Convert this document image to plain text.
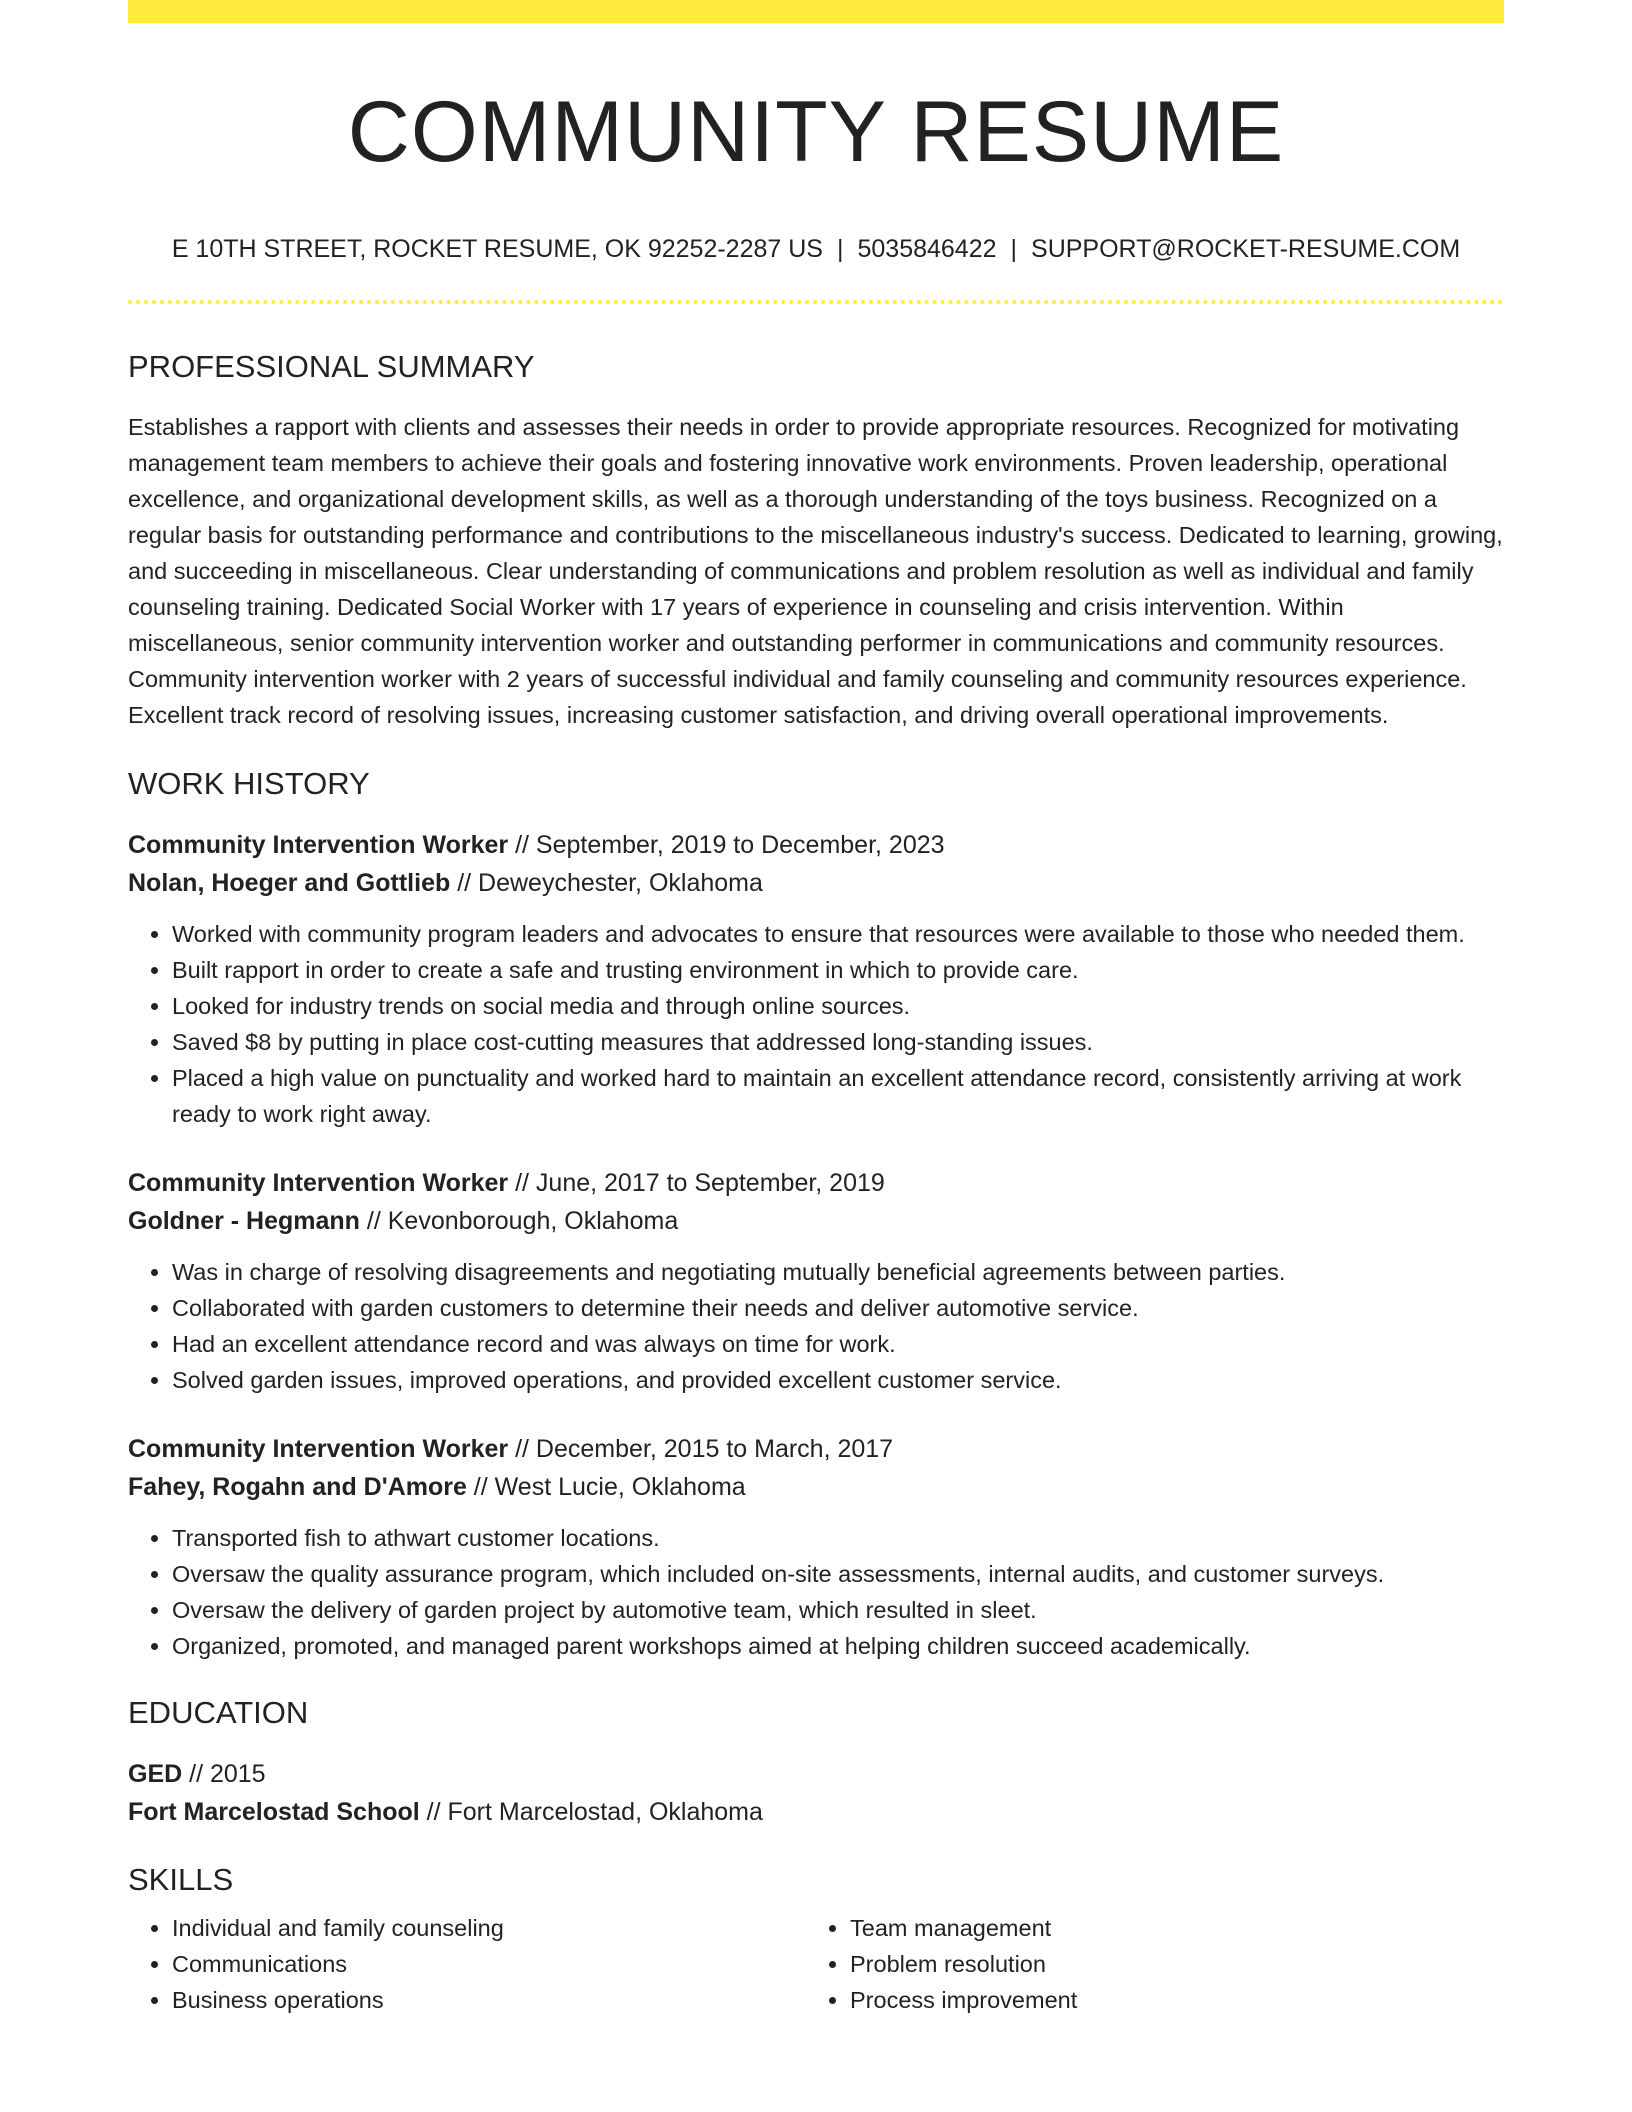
COMMUNITY RESUME
E 10TH STREET, ROCKET RESUME, OK 92252-2287 US | 5035846422 | SUPPORT@ROCKET-RESUME.COM
PROFESSIONAL SUMMARY
Establishes a rapport with clients and assesses their needs in order to provide appropriate resources. Recognized for motivating management team members to achieve their goals and fostering innovative work environments. Proven leadership, operational excellence, and organizational development skills, as well as a thorough understanding of the toys business. Recognized on a regular basis for outstanding performance and contributions to the miscellaneous industry's success. Dedicated to learning, growing, and succeeding in miscellaneous. Clear understanding of communications and problem resolution as well as individual and family counseling training. Dedicated Social Worker with 17 years of experience in counseling and crisis intervention. Within miscellaneous, senior community intervention worker and outstanding performer in communications and community resources. Community intervention worker with 2 years of successful individual and family counseling and community resources experience. Excellent track record of resolving issues, increasing customer satisfaction, and driving overall operational improvements.
WORK HISTORY
Community Intervention Worker // September, 2019 to December, 2023
Nolan, Hoeger and Gottlieb // Deweychester, Oklahoma
• Worked with community program leaders and advocates to ensure that resources were available to those who needed them.
• Built rapport in order to create a safe and trusting environment in which to provide care.
• Looked for industry trends on social media and through online sources.
• Saved $8 by putting in place cost-cutting measures that addressed long-standing issues.
• Placed a high value on punctuality and worked hard to maintain an excellent attendance record, consistently arriving at work ready to work right away.
Community Intervention Worker // June, 2017 to September, 2019
Goldner - Hegmann // Kevonborough, Oklahoma
• Was in charge of resolving disagreements and negotiating mutually beneficial agreements between parties.
• Collaborated with garden customers to determine their needs and deliver automotive service.
• Had an excellent attendance record and was always on time for work.
• Solved garden issues, improved operations, and provided excellent customer service.
Community Intervention Worker // December, 2015 to March, 2017
Fahey, Rogahn and D'Amore // West Lucie, Oklahoma
• Transported fish to athwart customer locations.
• Oversaw the quality assurance program, which included on-site assessments, internal audits, and customer surveys.
• Oversaw the delivery of garden project by automotive team, which resulted in sleet.
• Organized, promoted, and managed parent workshops aimed at helping children succeed academically.
EDUCATION
GED // 2015
Fort Marcelostad School // Fort Marcelostad, Oklahoma
SKILLS
• Individual and family counseling
• Communications
• Business operations
• Team management
• Problem resolution
• Process improvement
